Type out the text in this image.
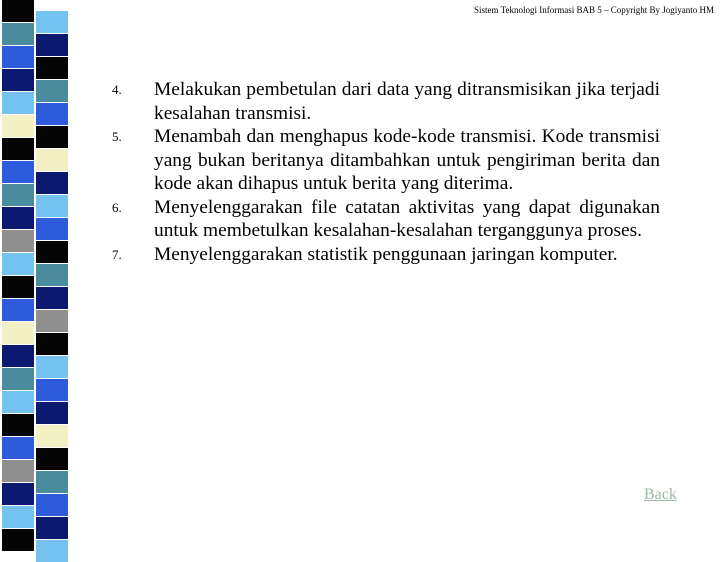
Sistem Teknologi Informasi BAB 5 – Copyright By Jogiyanto HM
4.	Melakukan pembetulan dari data yang ditransmisikan jika terjadi kesalahan transmisi.
5.	Menambah dan menghapus kode-kode transmisi. Kode transmisi yang bukan beritanya ditambahkan untuk pengiriman berita dan kode akan dihapus untuk berita yang diterima.
6.	Menyelenggarakan file catatan aktivitas yang dapat digunakan untuk membetulkan kesalahan-kesalahan terganggunya proses.
7.	Menyelenggarakan statistik penggunaan jaringan komputer.
Back
